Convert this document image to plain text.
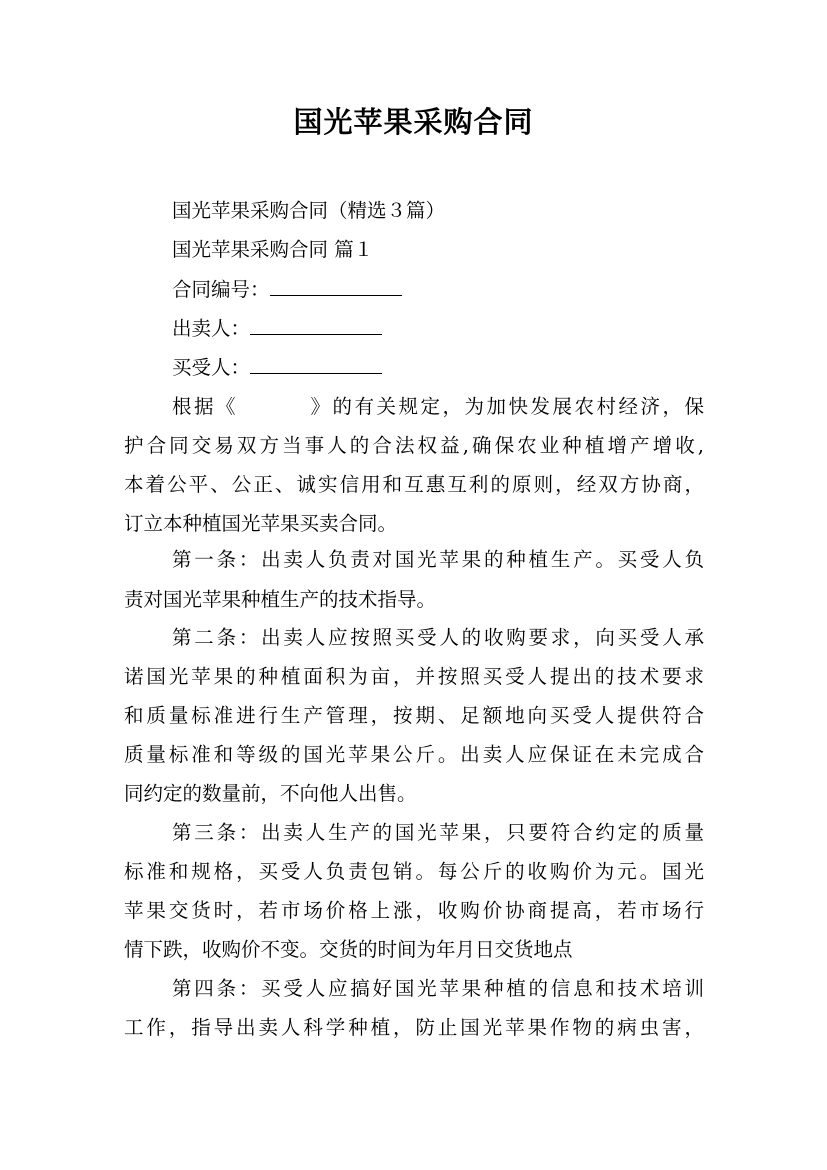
国光苹果采购合同
国光苹果采购合同（精选３篇）
国光苹果采购合同 篇１
合同编号：
出卖人：
买受人：
根据《	》的有关规定，为加快发展农村经济，保
护合同交易双方当事人的合法权益,确保农业种植增产增收,
本着公平、公正、诚实信用和互惠互利的原则，经双方协商，
订立本种植国光苹果买卖合同。
第一条：出卖人负责对国光苹果的种植生产。买受人负
责对国光苹果种植生产的技术指导。
第二条：出卖人应按照买受人的收购要求，向买受人承
诺国光苹果的种植面积为亩，并按照买受人提出的技术要求
和质量标准进行生产管理，按期、足额地向买受人提供符合
质量标准和等级的国光苹果公斤。出卖人应保证在未完成合
同约定的数量前，不向他人出售。
第三条：出卖人生产的国光苹果，只要符合约定的质量
标准和规格，买受人负责包销。每公斤的收购价为元。国光
苹果交货时，若市场价格上涨，收购价协商提高，若市场行
情下跌，收购价不变。交货的时间为年月日交货地点
第四条：买受人应搞好国光苹果种植的信息和技术培训
工作，指导出卖人科学种植，防止国光苹果作物的病虫害，
